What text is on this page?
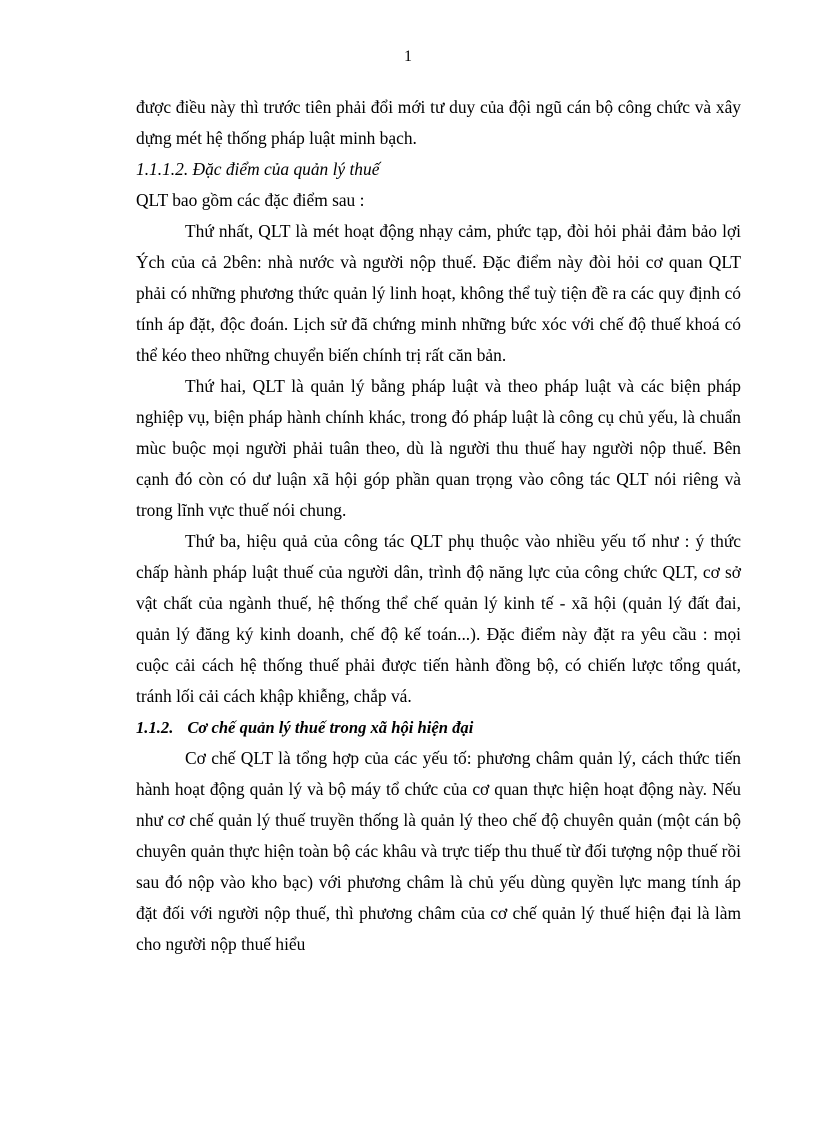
1

được điều này thì trước tiên phải đổi mới tư duy của đội ngũ cán bộ công chức và xây dựng mét hệ thống pháp luật minh bạch.

1.1.1.2. Đặc điểm của quản lý thuế

QLT bao gồm các đặc điểm sau :

Thứ nhất, QLT là mét hoạt động nhạy cảm, phức tạp, đòi hỏi phải đảm bảo lợi Ých của cả 2bên: nhà nước và người nộp thuế. Đặc điểm này đòi hỏi cơ quan QLT phải có những phương thức quản lý linh hoạt, không thể tuỳ tiện đề ra các quy định có tính áp đặt, độc đoán. Lịch sử đã chứng minh những bức xóc với chế độ thuế khoá có thể kéo theo những chuyển biến chính trị rất căn bản.

Thứ hai, QLT là quản lý bằng pháp luật và theo pháp luật và các biện pháp nghiệp vụ, biện pháp hành chính khác, trong đó pháp luật là công cụ chủ yếu, là chuẩn mùc buộc mọi người phải tuân theo, dù là người thu thuế hay người nộp thuế. Bên cạnh đó còn có dư luận xã hội góp phần quan trọng vào công tác QLT nói riêng và trong lĩnh vực thuế nói chung.

Thứ ba, hiệu quả của công tác QLT phụ thuộc vào nhiều yếu tố như : ý thức chấp hành pháp luật thuế của người dân, trình độ năng lực của công chức QLT, cơ sở vật chất của ngành thuế, hệ thống thể chế quản lý kinh tế - xã hội (quản lý đất đai, quản lý đăng ký kinh doanh, chế độ kế toán...). Đặc điểm này đặt ra yêu cầu : mọi cuộc cải cách hệ thống thuế phải được tiến hành đồng bộ, có chiến lược tổng quát, tránh lối cải cách khập khiễng, chắp vá.

1.1.2. Cơ chế quản lý thuế trong xã hội hiện đại

Cơ chế QLT là tổng hợp của các yếu tố: phương châm quản lý, cách thức tiến hành hoạt động quản lý và bộ máy tổ chức của cơ quan thực hiện hoạt động này. Nếu như cơ chế quản lý thuế truyền thống là quản lý theo chế độ chuyên quản (một cán bộ chuyên quản thực hiện toàn bộ các khâu và trực tiếp thu thuế từ đối tượng nộp thuế rồi sau đó nộp vào kho bạc) với phương châm là chủ yếu dùng quyền lực mang tính áp đặt đối với người nộp thuế, thì phương châm của cơ chế quản lý thuế hiện đại là làm cho người nộp thuế hiểu
